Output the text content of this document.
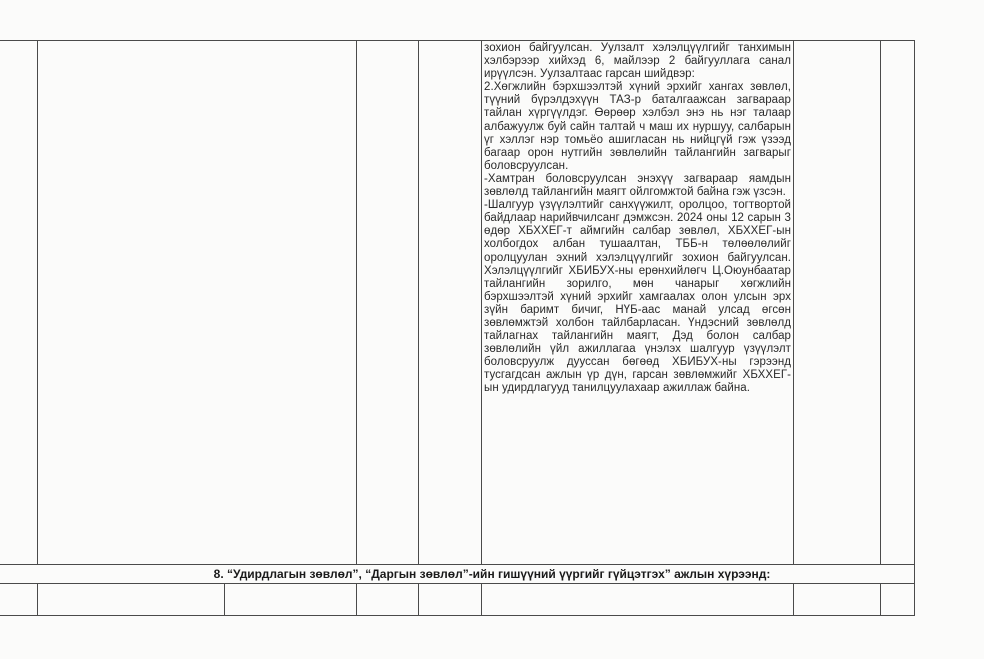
зохион байгуулсан. Уулзалт хэлэлцүүлгийг танхимын хэлбэрээр хийхэд 6, майлээр 2 байгууллага санал ирүүлсэн. Уулзалтаас гарсан шийдвэр:

2.Хөгжлийн бэрхшээлтэй хүний эрхийг хангах зөвлөл, түүний бүрэлдэхүүн ТАЗ-р баталгаажсан загвараар тайлан хүргүүлдэг. Өөрөөр хэлбэл энэ нь нэг талаар албажуулж буй сайн талтай ч маш их нуршуу, салбарын үг хэллэг нэр томьёо ашигласан нь нийцгүй гэж үзээд багаар орон нутгийн зөвлөлийн тайлангийн загварыг боловсруулсан.

-Хамтран боловсруулсан энэхүү загвараар яамдын зөвлөлд тайлангийн маягт ойлгомжтой байна гэж үзсэн.

-Шалгуур үзүүлэлтийг санхүүжилт, оролцоо, тогтвортой байдлаар нарийвчилсанг дэмжсэн. 2024 оны 12 сарын 3 өдөр ХБХХЕГ-т аймгийн салбар зөвлөл, ХБХХЕГ-ын холбогдох албан тушаалтан, ТББ-н төлөөлөлийг оролцуулан эхний хэлэлцүүлгийг зохион байгуулсан. Хэлэлцүүлгийг ХБИБУХ-ны ерөнхийлөгч Ц.Оюунбаатар тайлангийн зорилго, мөн чанарыг хөгжлийн бэрхшээлтэй хүний эрхийг хамгаалах олон улсын эрх зүйн баримт бичиг, НҮБ-аас манай улсад өгсөн зөвлөмжтэй холбон тайлбарласан. Үндэсний зөвлөлд тайлагнах тайлангийн маягт, Дэд болон салбар зөвлөлийн үйл ажиллагаа үнэлэх шалгуур үзүүлэлт боловсруулж дууссан бөгөөд ХБИБУХ-ны гэрээнд тусгагдсан ажлын үр дүн, гарсан зөвлөмжийг ХБХХЕГ-ын удирдлагууд танилцуулахаар ажиллаж байна.

8. “Удирдлагын зөвлөл”, “Даргын зөвлөл”-ийн гишүүний үүргийг гүйцэтгэх” ажлын хүрээнд:
